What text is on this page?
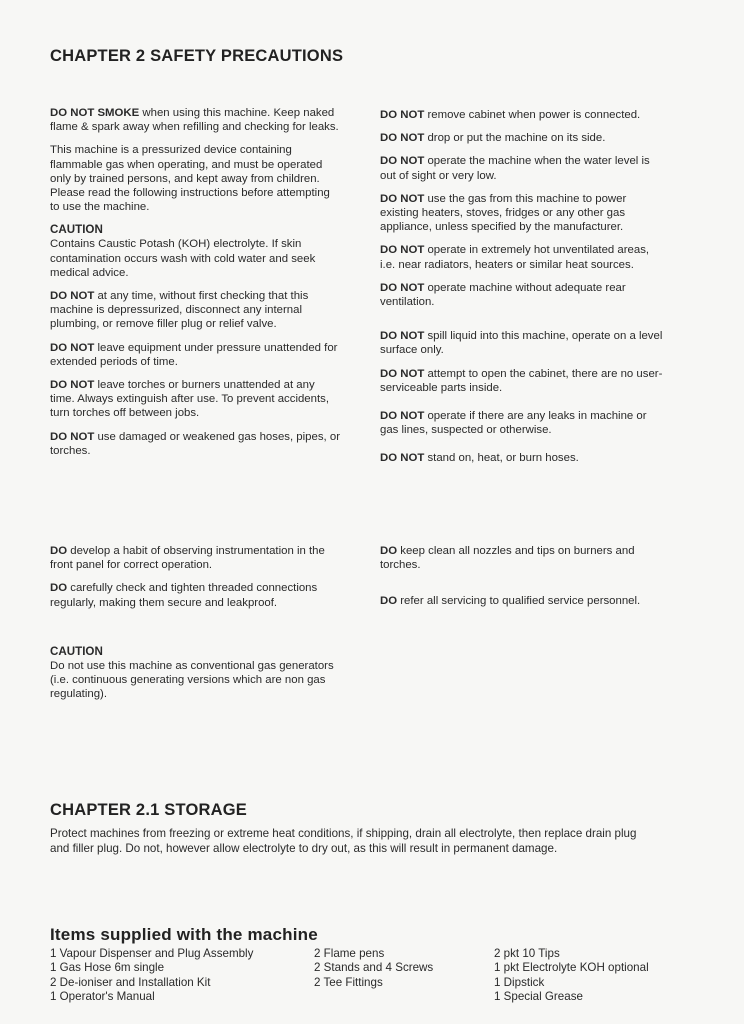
CHAPTER 2 SAFETY PRECAUTIONS

DO NOT SMOKE when using this machine. Keep naked flame & spark away when refilling and checking for leaks.

This machine is a pressurized device containing flammable gas when operating, and must be operated only by trained persons, and kept away from children. Please read the following instructions before attempting to use the machine.

CAUTION

Contains Caustic Potash (KOH) electrolyte. If skin contamination occurs wash with cold water and seek medical advice.

DO NOT at any time, without first checking that this machine is depressurized, disconnect any internal plumbing, or remove filler plug or relief valve.

DO NOT leave equipment under pressure unattended for extended periods of time.

DO NOT leave torches or burners unattended at any time. Always extinguish after use. To prevent accidents, turn torches off between jobs.

DO NOT use damaged or weakened gas hoses, pipes, or torches.

DO NOT remove cabinet when power is connected.

DO NOT drop or put the machine on its side.

DO NOT operate the machine when the water level is out of sight or very low.

DO NOT use the gas from this machine to power existing heaters, stoves, fridges or any other gas appliance, unless specified by the manufacturer.

DO NOT operate in extremely hot unventilated areas, i.e. near radiators, heaters or similar heat sources.

DO NOT operate machine without adequate rear ventilation.

DO NOT spill liquid into this machine, operate on a level surface only.

DO NOT attempt to open the cabinet, there are no user-serviceable parts inside.

DO NOT operate if there are any leaks in machine or gas lines, suspected or otherwise.

DO NOT stand on, heat, or burn hoses.

DO develop a habit of observing instrumentation in the front panel for correct operation.

DO carefully check and tighten threaded connections regularly, making them secure and leakproof.

DO keep clean all nozzles and tips on burners and torches.

DO refer all servicing to qualified service personnel.

CAUTION

Do not use this machine as conventional gas generators (i.e. continuous generating versions which are non gas regulating).

CHAPTER 2.1 STORAGE
Protect machines from freezing or extreme heat conditions, if shipping, drain all electrolyte, then replace drain plug and filler plug. Do not, however allow electrolyte to dry out, as this will result in permanent damage.
Items supplied with the machine
1 Vapour Dispenser and Plug Assembly
1 Gas Hose 6m single
2 De-ioniser and Installation Kit
1 Operator's Manual
2 Flame pens
2 Stands and 4 Screws
2 Tee Fittings
2 pkt 10 Tips
1 pkt Electrolyte KOH optional
1 Dipstick
1 Special Grease
